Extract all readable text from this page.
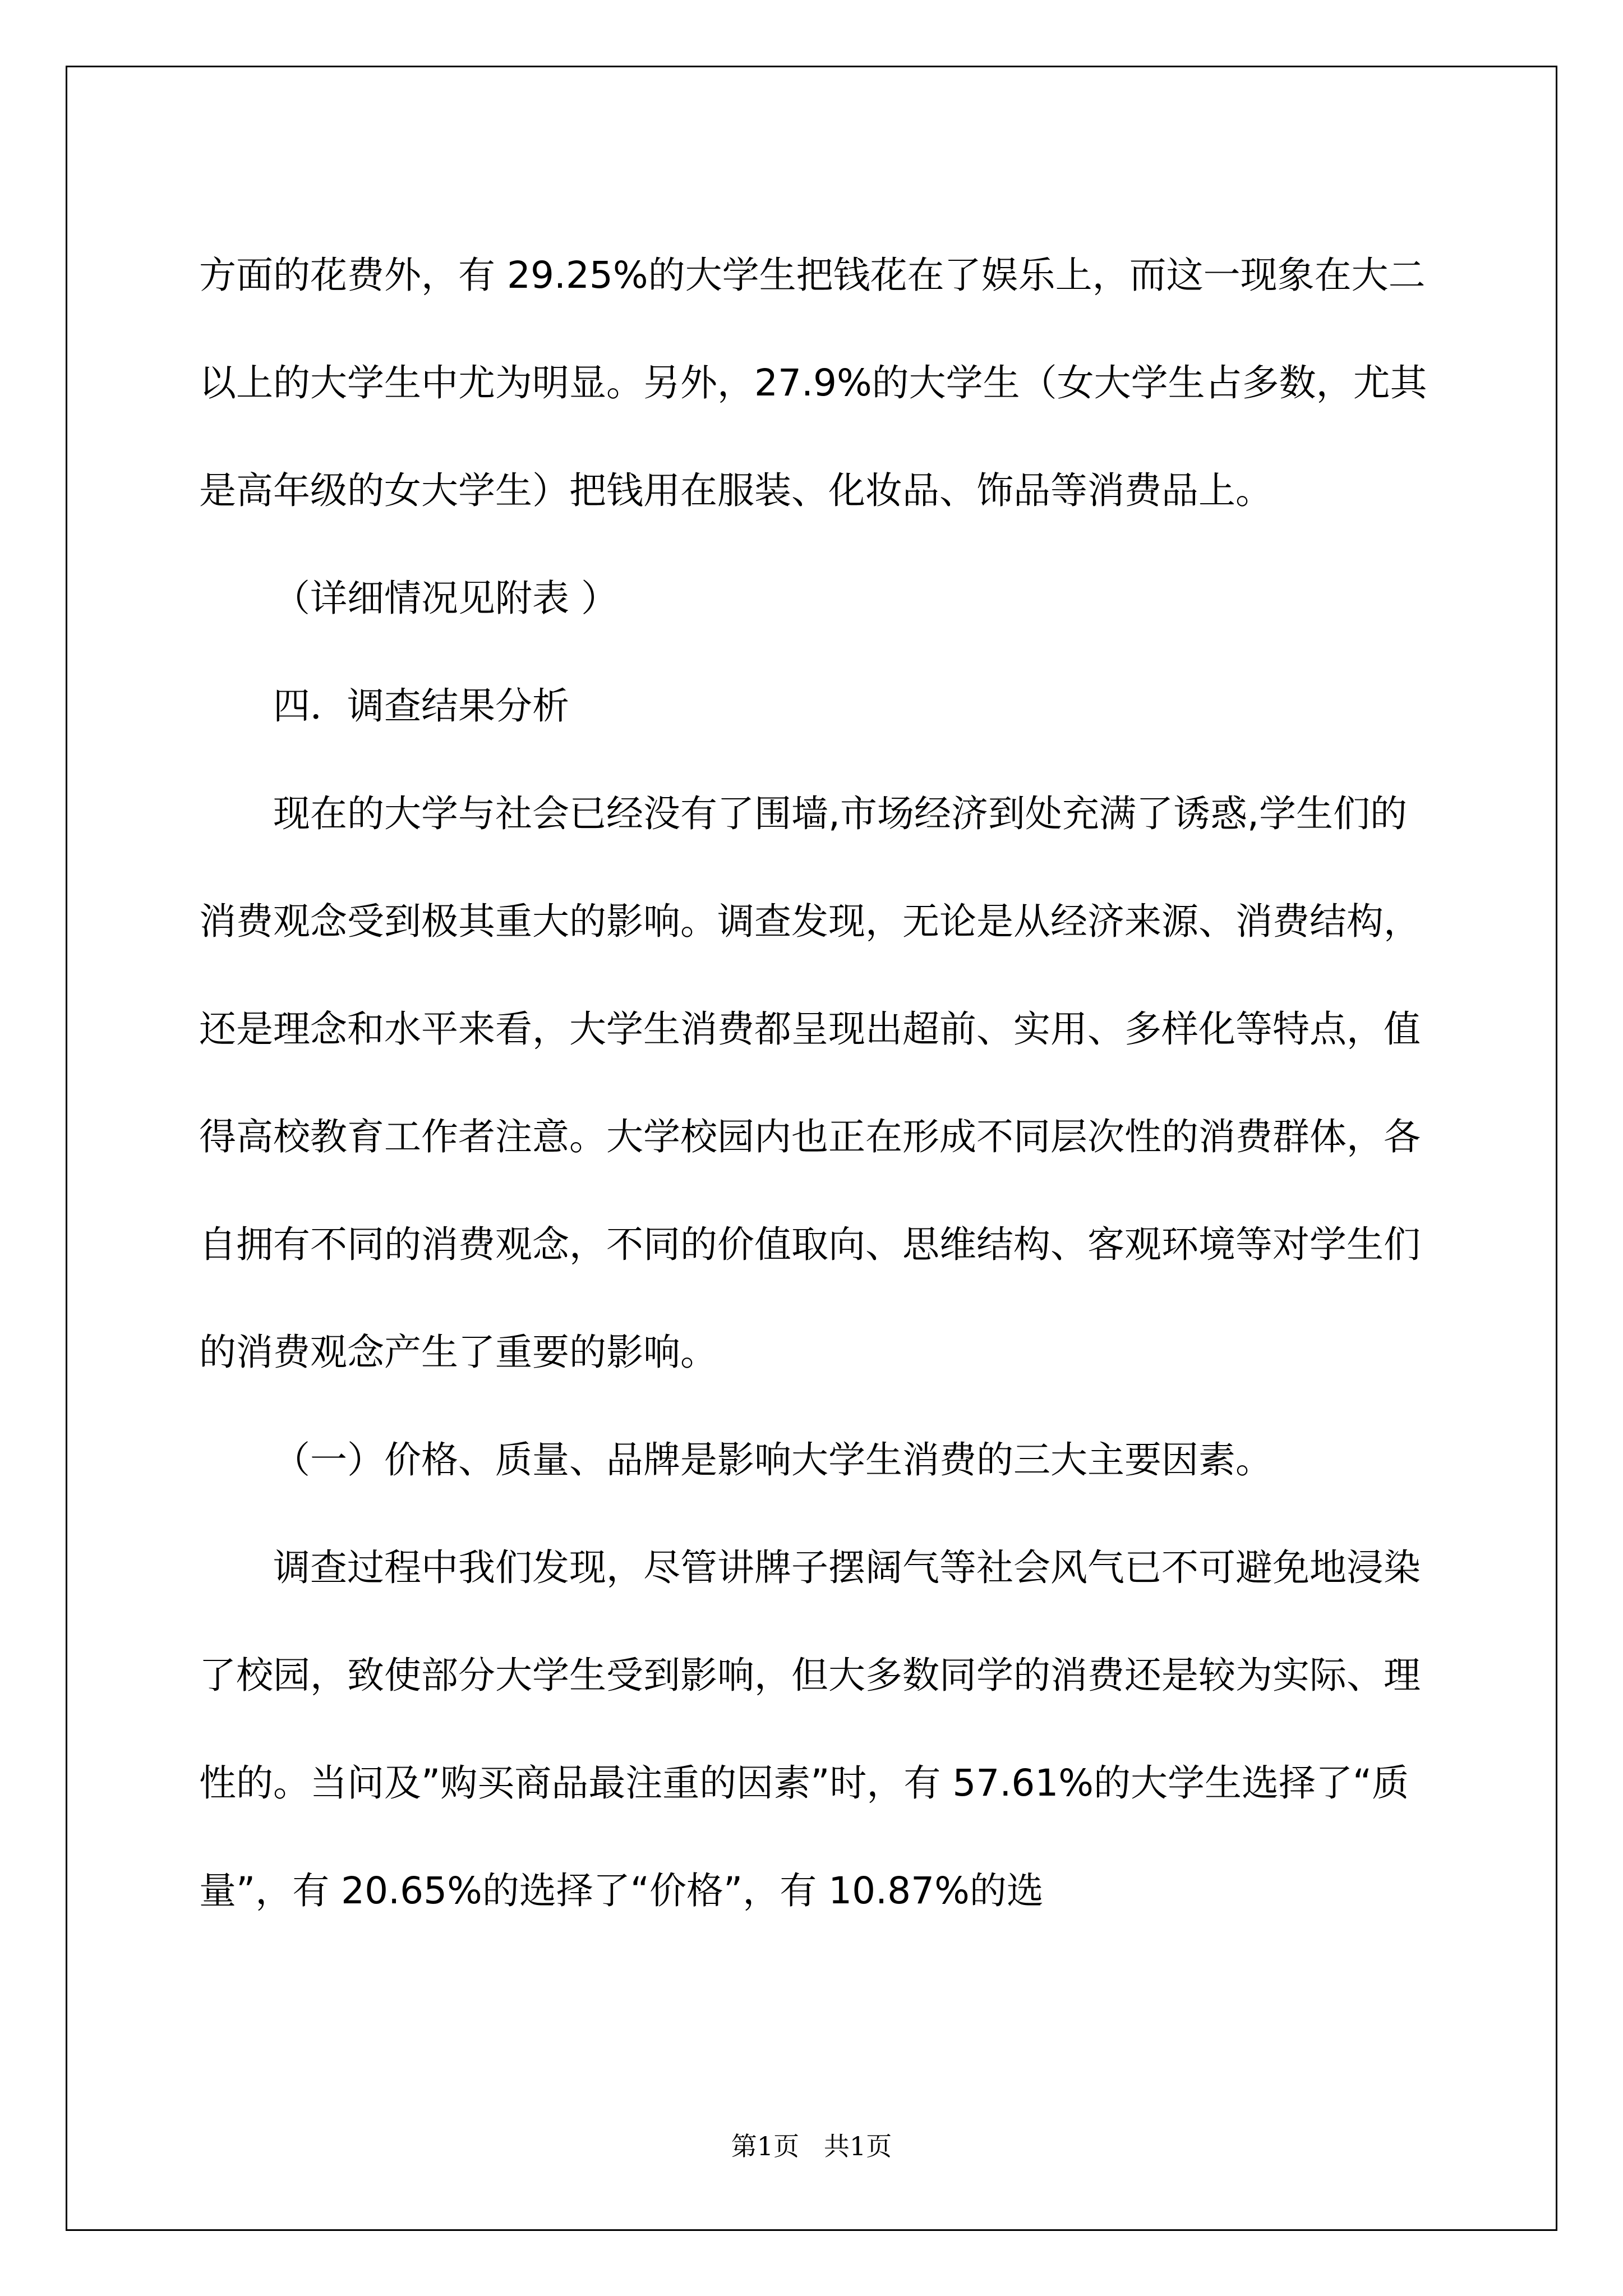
方面的花费外，有 29.25%的大学生把钱花在了娱乐上，而这一现象在大二以上的大学生中尤为明显。另外，27.9%的大学生（女大学生占多数，尤其是高年级的女大学生）把钱用在服装、化妆品、饰品等消费品上。

（详细情况见附表 ）

四．调查结果分析

现在的大学与社会已经没有了围墙,市场经济到处充满了诱惑,学生们的消费观念受到极其重大的影响。调查发现，无论是从经济来源、消费结构，还是理念和水平来看，大学生消费都呈现出超前、实用、多样化等特点，值得高校教育工作者注意。大学校园内也正在形成不同层次性的消费群体，各自拥有不同的消费观念，不同的价值取向、思维结构、客观环境等对学生们的消费观念产生了重要的影响。

（一）价格、质量、品牌是影响大学生消费的三大主要因素。

调查过程中我们发现，尽管讲牌子摆阔气等社会风气已不可避免地浸染了校园，致使部分大学生受到影响，但大多数同学的消费还是较为实际、理性的。当问及”购买商品最注重的因素”时，有 57.61%的大学生选择了“质量”，有 20.65%的选择了“价格”，有 10.87%的选

第1页   共1页
